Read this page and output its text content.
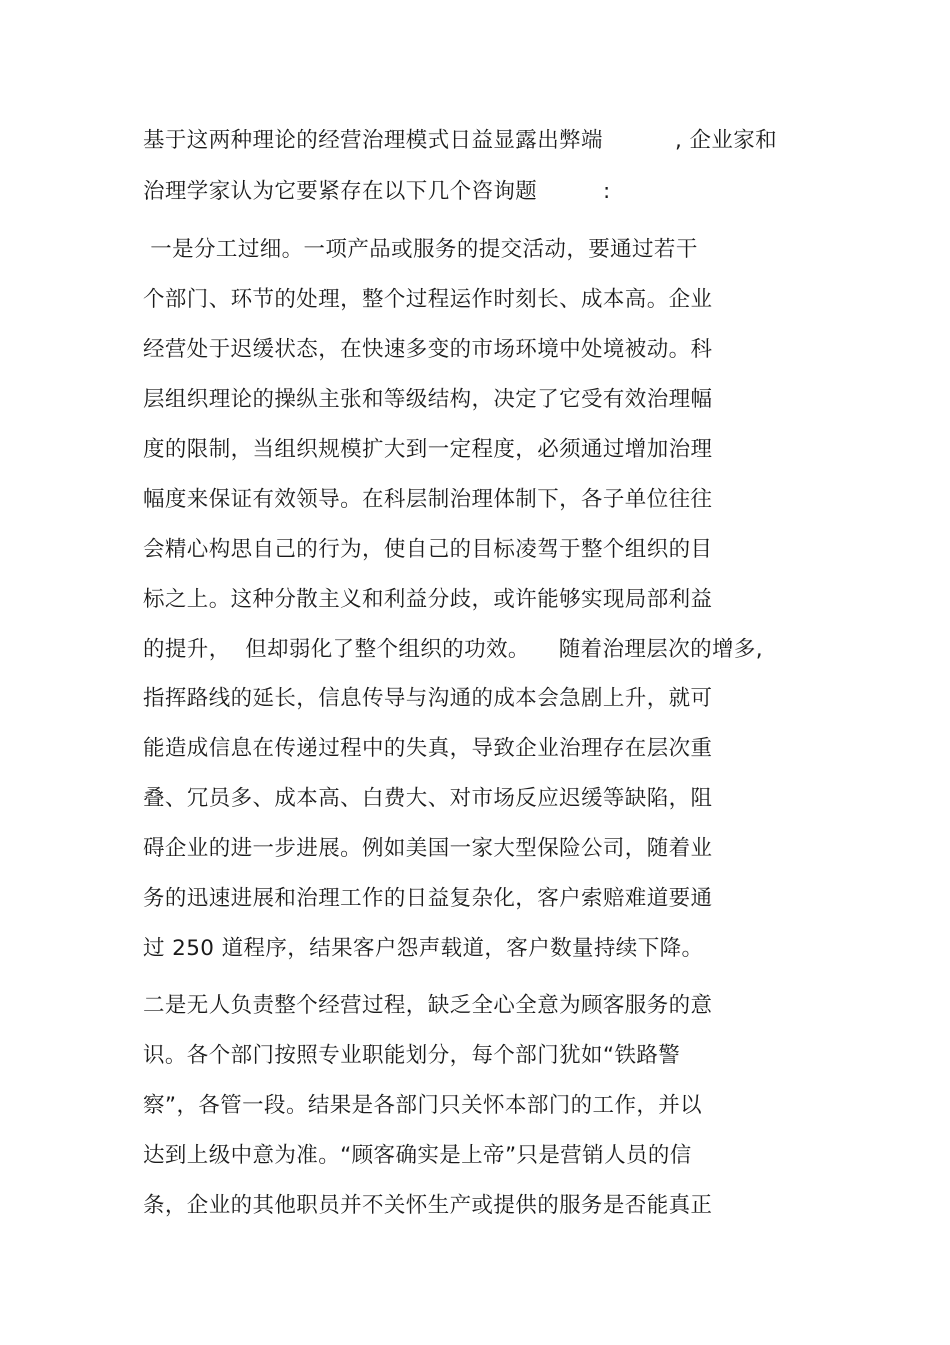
基于这两种理论的经营治理模式日益显露出弊端

	, 企业家和

治理学家认为它要紧存在以下几个咨询题

	:

一是分工过细。一项产品或服务的提交活动，要通过若干
个部门、环节的处理，整个过程运作时刻长、成本高。企业
经营处于迟缓状态，在快速多变的市场环境中处境被动。科
层组织理论的操纵主张和等级结构，决定了它受有效治理幅
度的限制，当组织规模扩大到一定程度，必须通过增加治理
幅度来保证有效领导。在科层制治理体制下，各子单位往往
会精心构思自己的行为，使自己的目标凌驾于整个组织的目
标之上。这种分散主义和利益分歧，或许能够实现局部利益
的提升，  但却弱化了整个组织的功效。    随着治理层次的增多,
指挥路线的延长，信息传导与沟通的成本会急剧上升，就可
能造成信息在传递过程中的失真，导致企业治理存在层次重
叠、冗员多、成本高、白费大、对市场反应迟缓等缺陷，阻
碍企业的进一步进展。例如美国一家大型保险公司，随着业
务的迅速进展和治理工作的日益复杂化，客户索赔难道要通
过 250 道程序，结果客户怨声载道，客户数量持续下降。
二是无人负责整个经营过程，缺乏全心全意为顾客服务的意
识。各个部门按照专业职能划分，每个部门犹如“铁路警
察”，各管一段。结果是各部门只关怀本部门的工作，并以
达到上级中意为准。“顾客确实是上帝”只是营销人员的信
条，企业的其他职员并不关怀生产或提供的服务是否能真正
